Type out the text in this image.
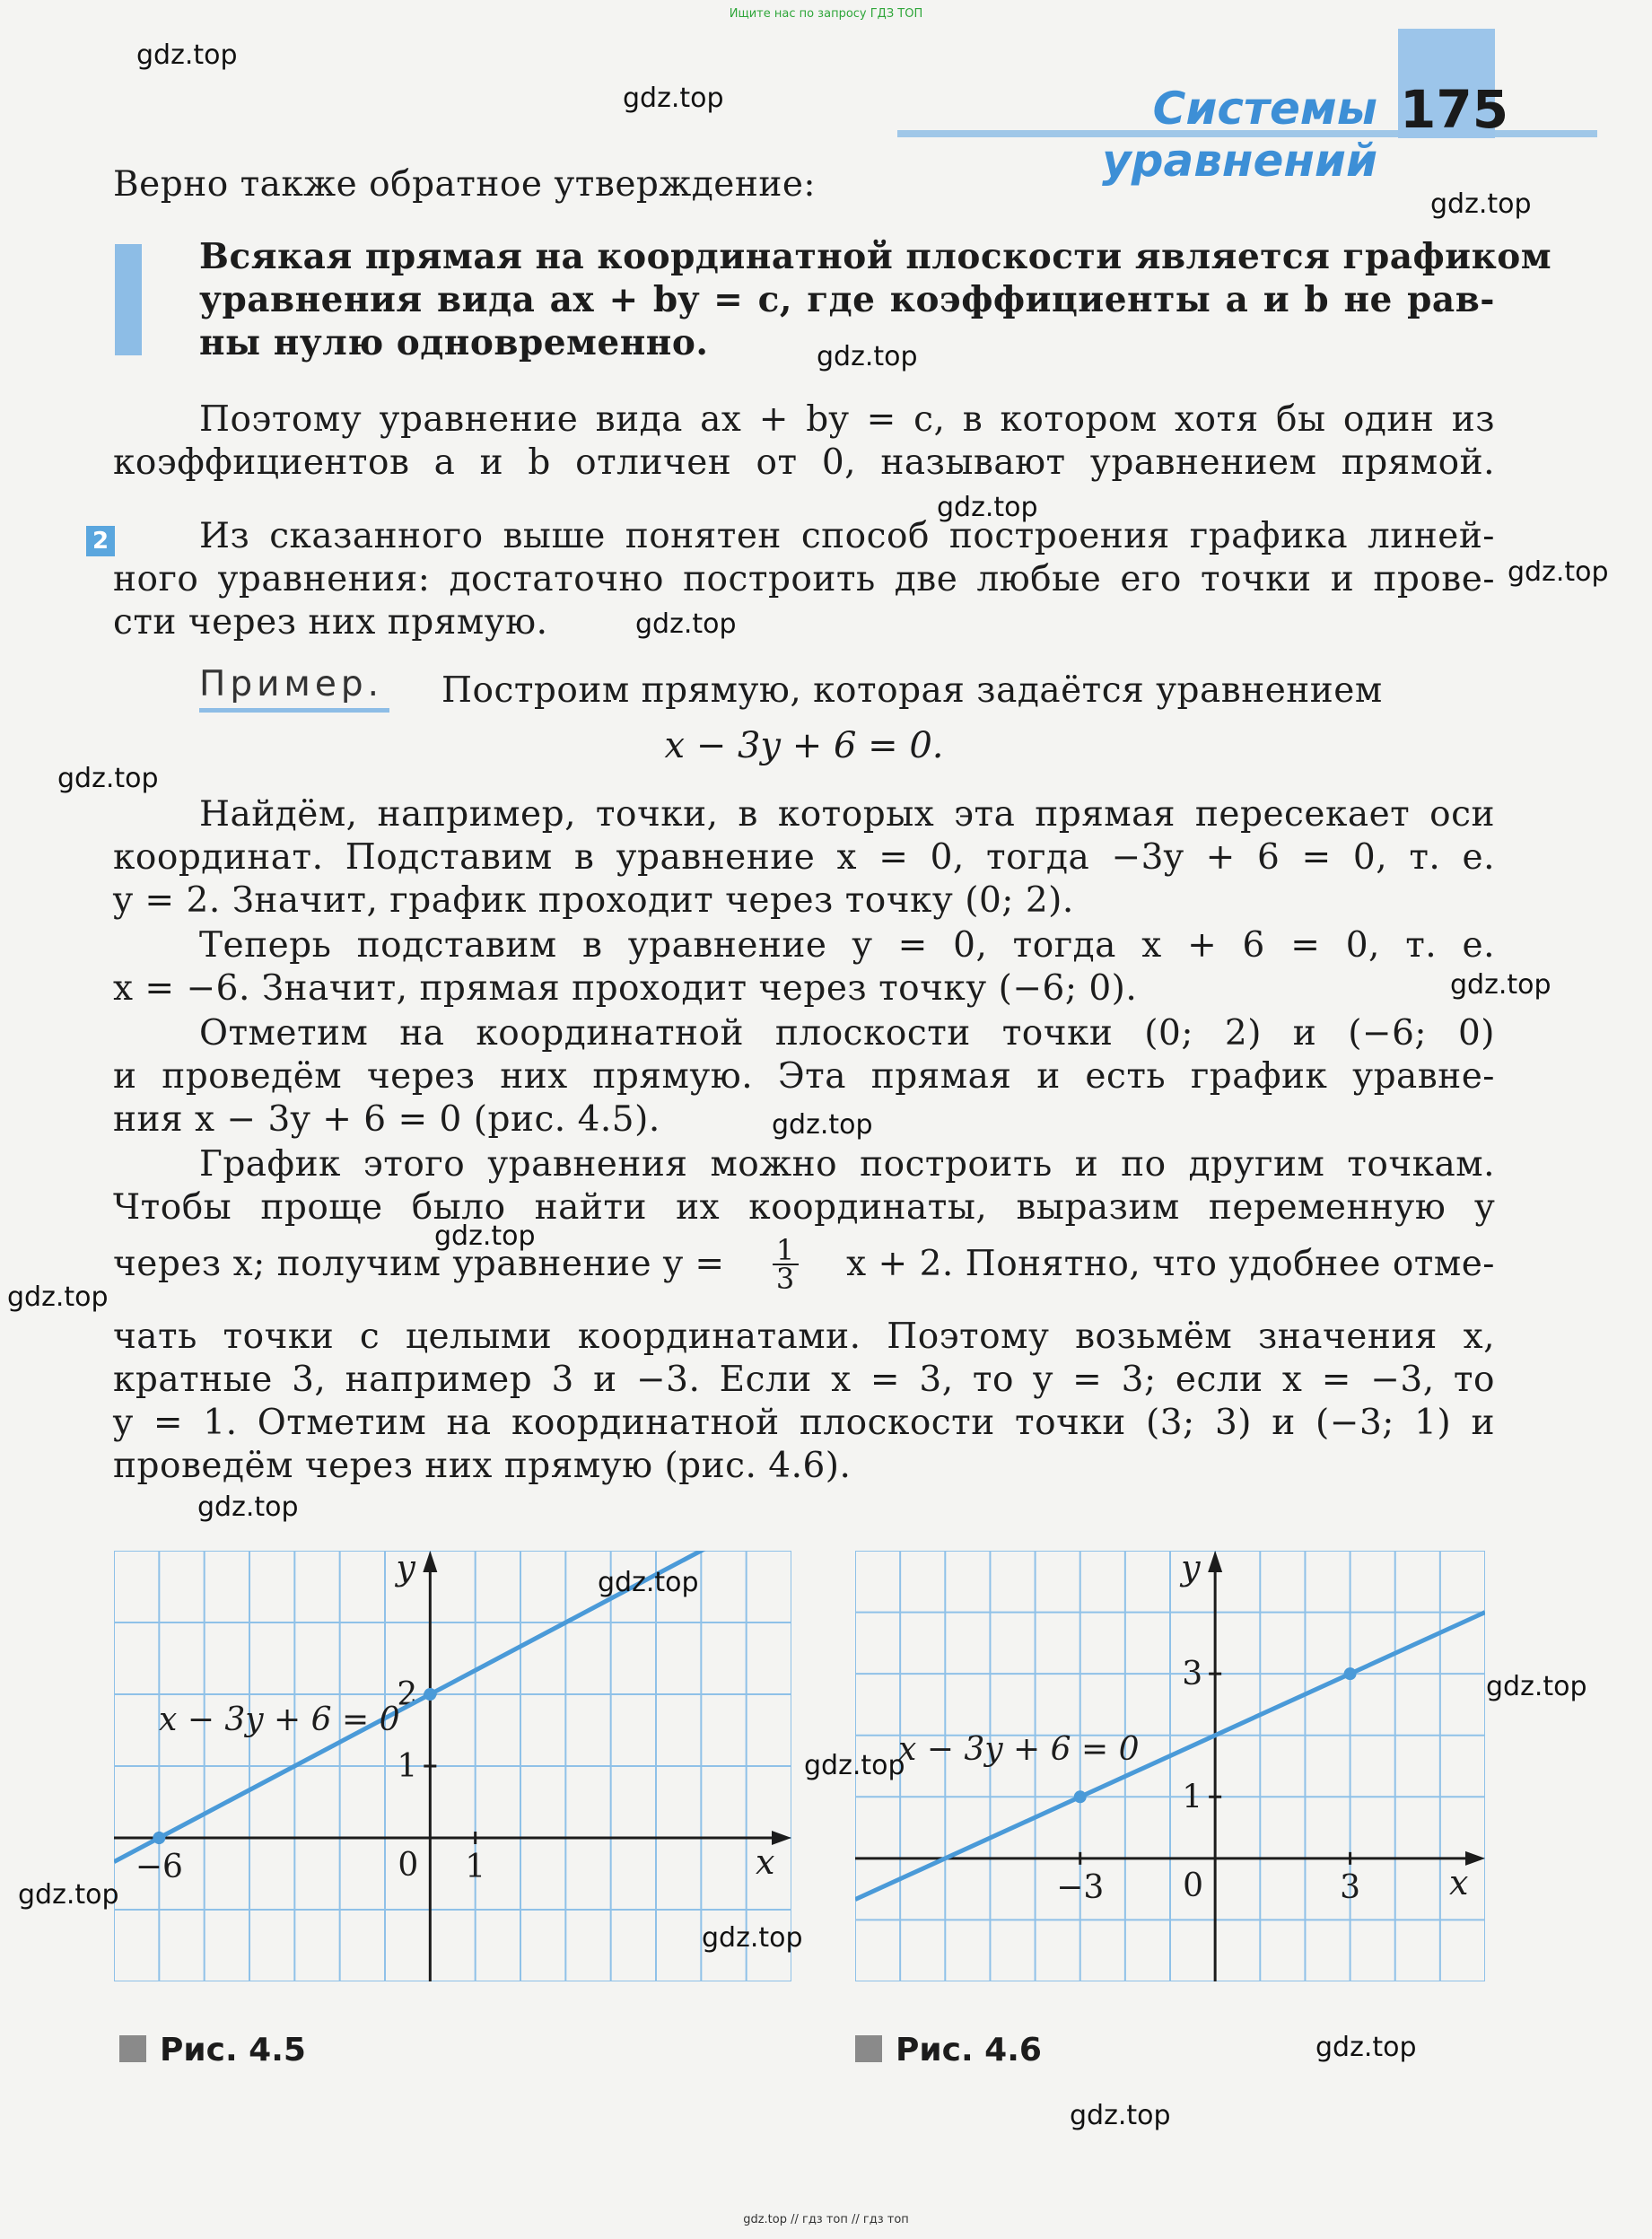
Ищите нас по запросу ГДЗ ТОП
gdz.top // гдз топ // гдз топ
Системы уравнений
175
Верно также обратное утверждение:
Всякая прямая на координатной плоскости является графиком
уравнения вида ax + by = c, где коэффициенты a и b не рав-
ны нулю одновременно.
Поэтому уравнение вида ax + by = c, в котором хотя бы один из
коэффициентов a и b отличен от 0, называют уравнением прямой.
2	Из сказанного выше понятен способ построения графика линей-
ного уравнения: достаточно построить две любые его точки и прове-
сти через них прямую.
Пример. Построим прямую, которая задаётся уравнением
x − 3y + 6 = 0.
Найдём, например, точки, в которых эта прямая пересекает оси
координат. Подставим в уравнение x = 0, тогда −3y + 6 = 0, т. е.
y = 2. Значит, график проходит через точку (0; 2).
Теперь подставим в уравнение y = 0, тогда x + 6 = 0, т. е.
x = −6. Значит, прямая проходит через точку (−6; 0).
Отметим на координатной плоскости точки (0; 2) и (−6; 0)
и проведём через них прямую. Эта прямая и есть график уравне-
ния x − 3y + 6 = 0 (рис. 4.5).
График этого уравнения можно построить и по другим точкам.
Чтобы проще было найти их координаты, выразим переменную y
через x; получим уравнение $y = \frac{1}{3}$ x + 2. Понятно, что удобнее отме-
чать точки с целыми координатами. Поэтому возьмём значения x,
кратные 3, например 3 и −3. Если x = 3, то y = 3; если x = −3, то
y = 1. Отметим на координатной плоскости точки (3; 3) и (−3; 1) и
проведём через них прямую (рис. 4.6).
x
y
0
−6	1
1
2
x − 3y + 6 = 0
x
y
0
−3	3
1
3
x − 3y + 6 = 0
Рис. 4.5	Рис. 4.6
gdz.top
gdz.top
gdz.top
gdz.top
gdz.top
gdz.top
gdz.top
gdz.top
gdz.top
gdz.top
gdz.top
gdz.top
gdz.top
gdz.top
gdz.top
gdz.top
gdz.top
gdz.top
gdz.top
gdz.top
